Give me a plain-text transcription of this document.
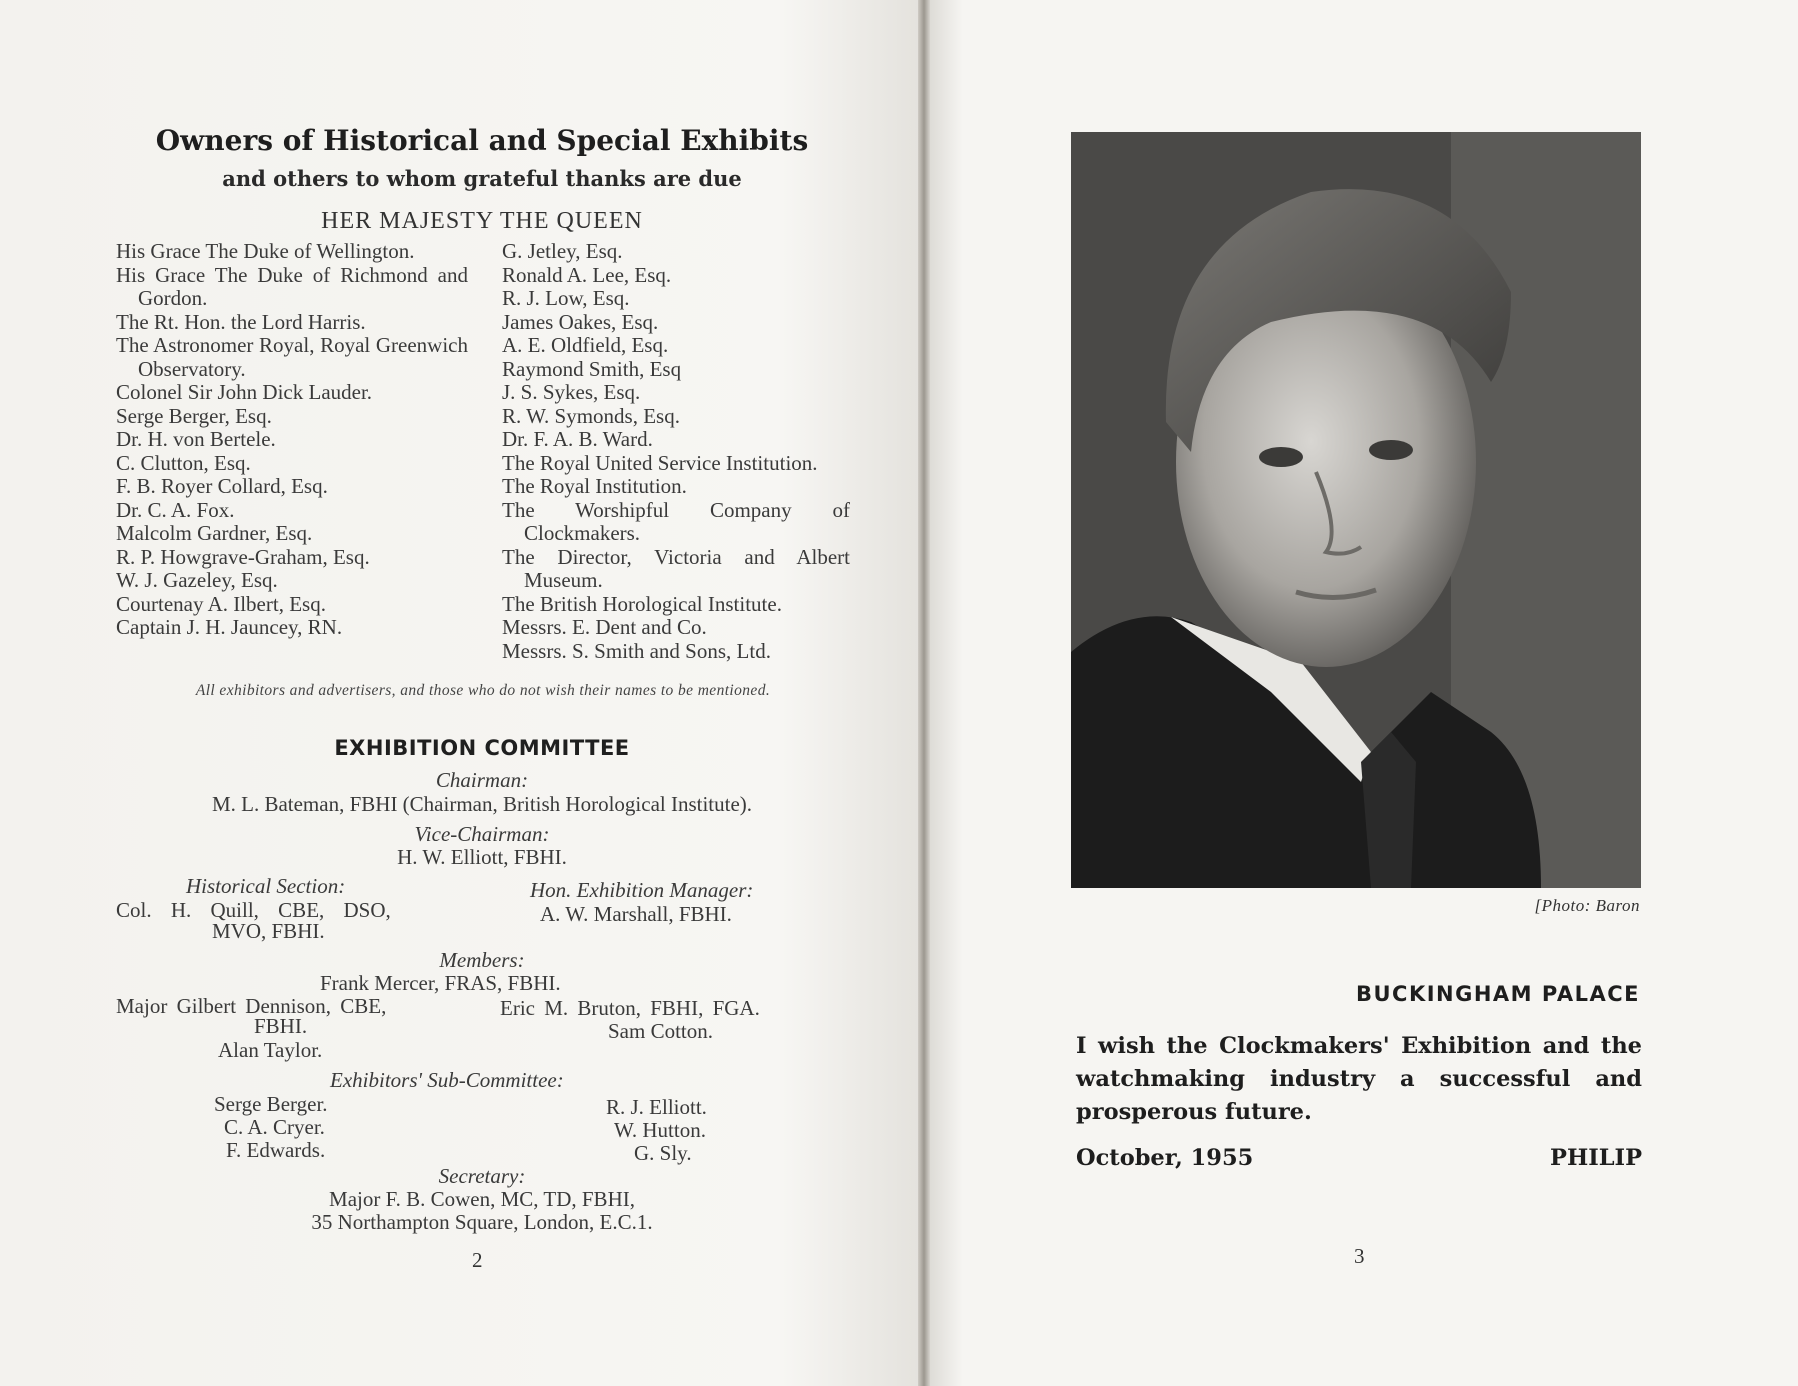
Owners of Historical and Special Exhibits
and others to whom grateful thanks are due
HER MAJESTY THE QUEEN

His Grace The Duke of Wellington.

His Grace The Duke of Richmond and Gordon.

The Rt. Hon. the Lord Harris.

The Astronomer Royal, Royal Greenwich Observatory.

Colonel Sir John Dick Lauder.

Serge Berger, Esq.

Dr. H. von Bertele.

C. Clutton, Esq.

F. B. Royer Collard, Esq.

Dr. C. A. Fox.

Malcolm Gardner, Esq.

R. P. Howgrave-Graham, Esq.

W. J. Gazeley, Esq.

Courtenay A. Ilbert, Esq.

Captain J. H. Jauncey, RN.

G. Jetley, Esq.

Ronald A. Lee, Esq.

R. J. Low, Esq.

James Oakes, Esq.

A. E. Oldfield, Esq.

Raymond Smith, Esq

J. S. Sykes, Esq.

R. W. Symonds, Esq.

Dr. F. A. B. Ward.

The Royal United Service Institution.

The Royal Institution.

The Worshipful Company of Clockmakers.

The Director, Victoria and Albert Museum.

The British Horological Institute.

Messrs. E. Dent and Co.

Messrs. S. Smith and Sons, Ltd.

All exhibitors and advertisers, and those who do not wish their names to be mentioned.
EXHIBITION COMMITTEE
Chairman:
M. L. Bateman, FBHI (Chairman, British Horological Institute).
Vice-Chairman:
H. W. Elliott, FBHI.
Historical Section:
Col. H. Quill, CBE, DSO,
MVO, FBHI.
Hon. Exhibition Manager:
A. W. Marshall, FBHI.
Members:
Frank Mercer, FRAS, FBHI.
Major Gilbert Dennison, CBE,
FBHI.
Alan Taylor.
Eric M. Bruton, FBHI, FGA.
Sam Cotton.
Exhibitors' Sub-Committee:
Serge Berger.
C. A. Cryer.
F. Edwards.
R. J. Elliott.
W. Hutton.
G. Sly.
Secretary:
Major F. B. Cowen, MC, TD, FBHI,
35 Northampton Square, London, E.C.1.
2
[Photo: Baron
BUCKINGHAM PALACE
I wish the Clockmakers' Exhibition and the watchmaking industry a successful and prosperous future.
October, 1955	PHILIP
3
